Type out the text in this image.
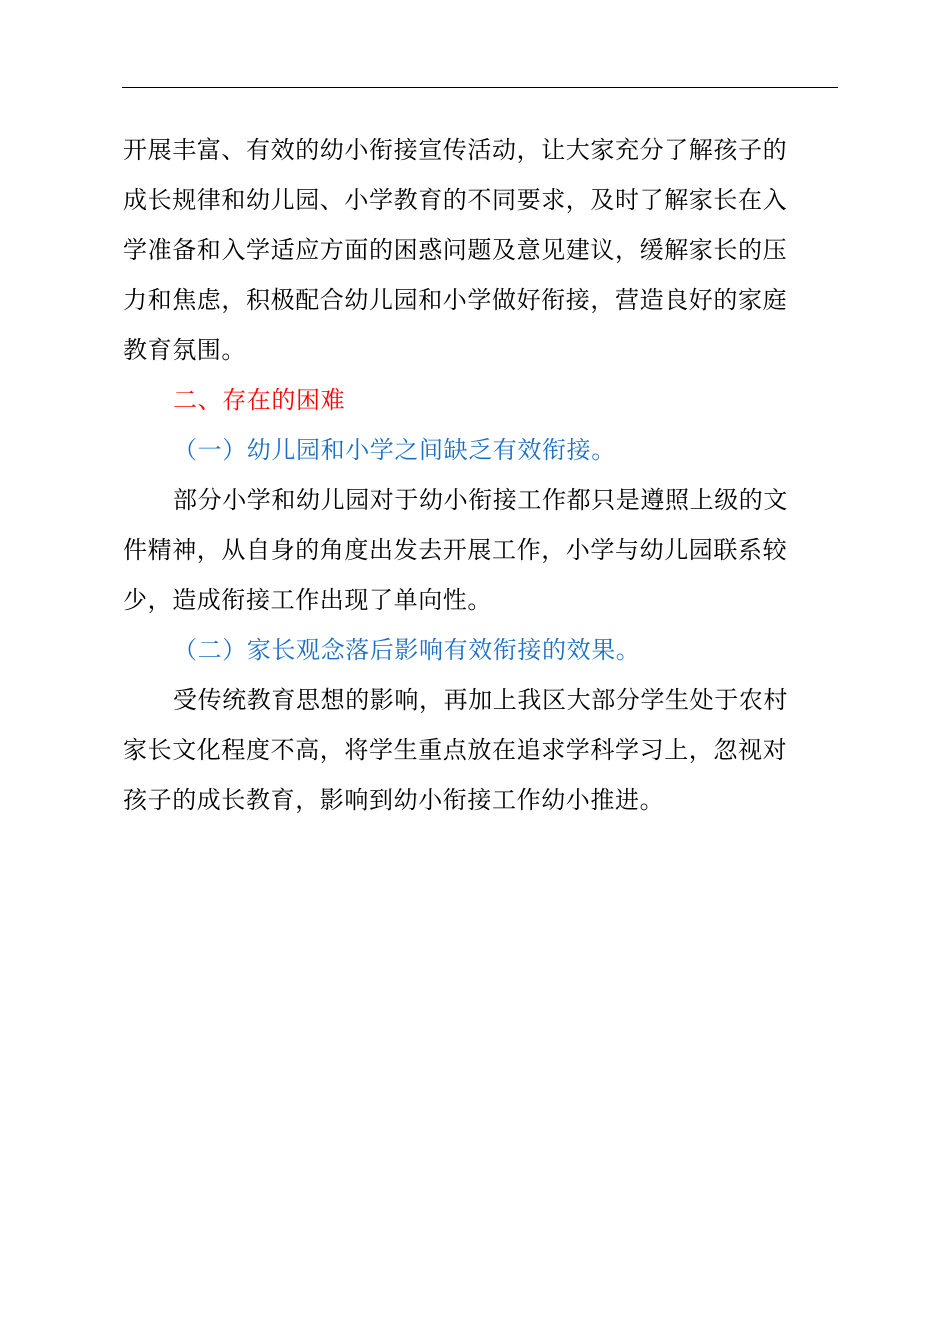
开展丰富、有效的幼小衔接宣传活动，让大家充分了解孩子的

成长规律和幼儿园、小学教育的不同要求，及时了解家长在入

学准备和入学适应方面的困惑问题及意见建议，缓解家长的压

力和焦虑，积极配合幼儿园和小学做好衔接，营造良好的家庭

教育氛围。

二、存在的困难

（一）幼儿园和小学之间缺乏有效衔接。

部分小学和幼儿园对于幼小衔接工作都只是遵照上级的文

件精神，从自身的角度出发去开展工作，小学与幼儿园联系较

少，造成衔接工作出现了单向性。

（二）家长观念落后影响有效衔接的效果。

受传统教育思想的影响，再加上我区大部分学生处于农村

家长文化程度不高，将学生重点放在追求学科学习上，忽视对

孩子的成长教育，影响到幼小衔接工作幼小推进。
